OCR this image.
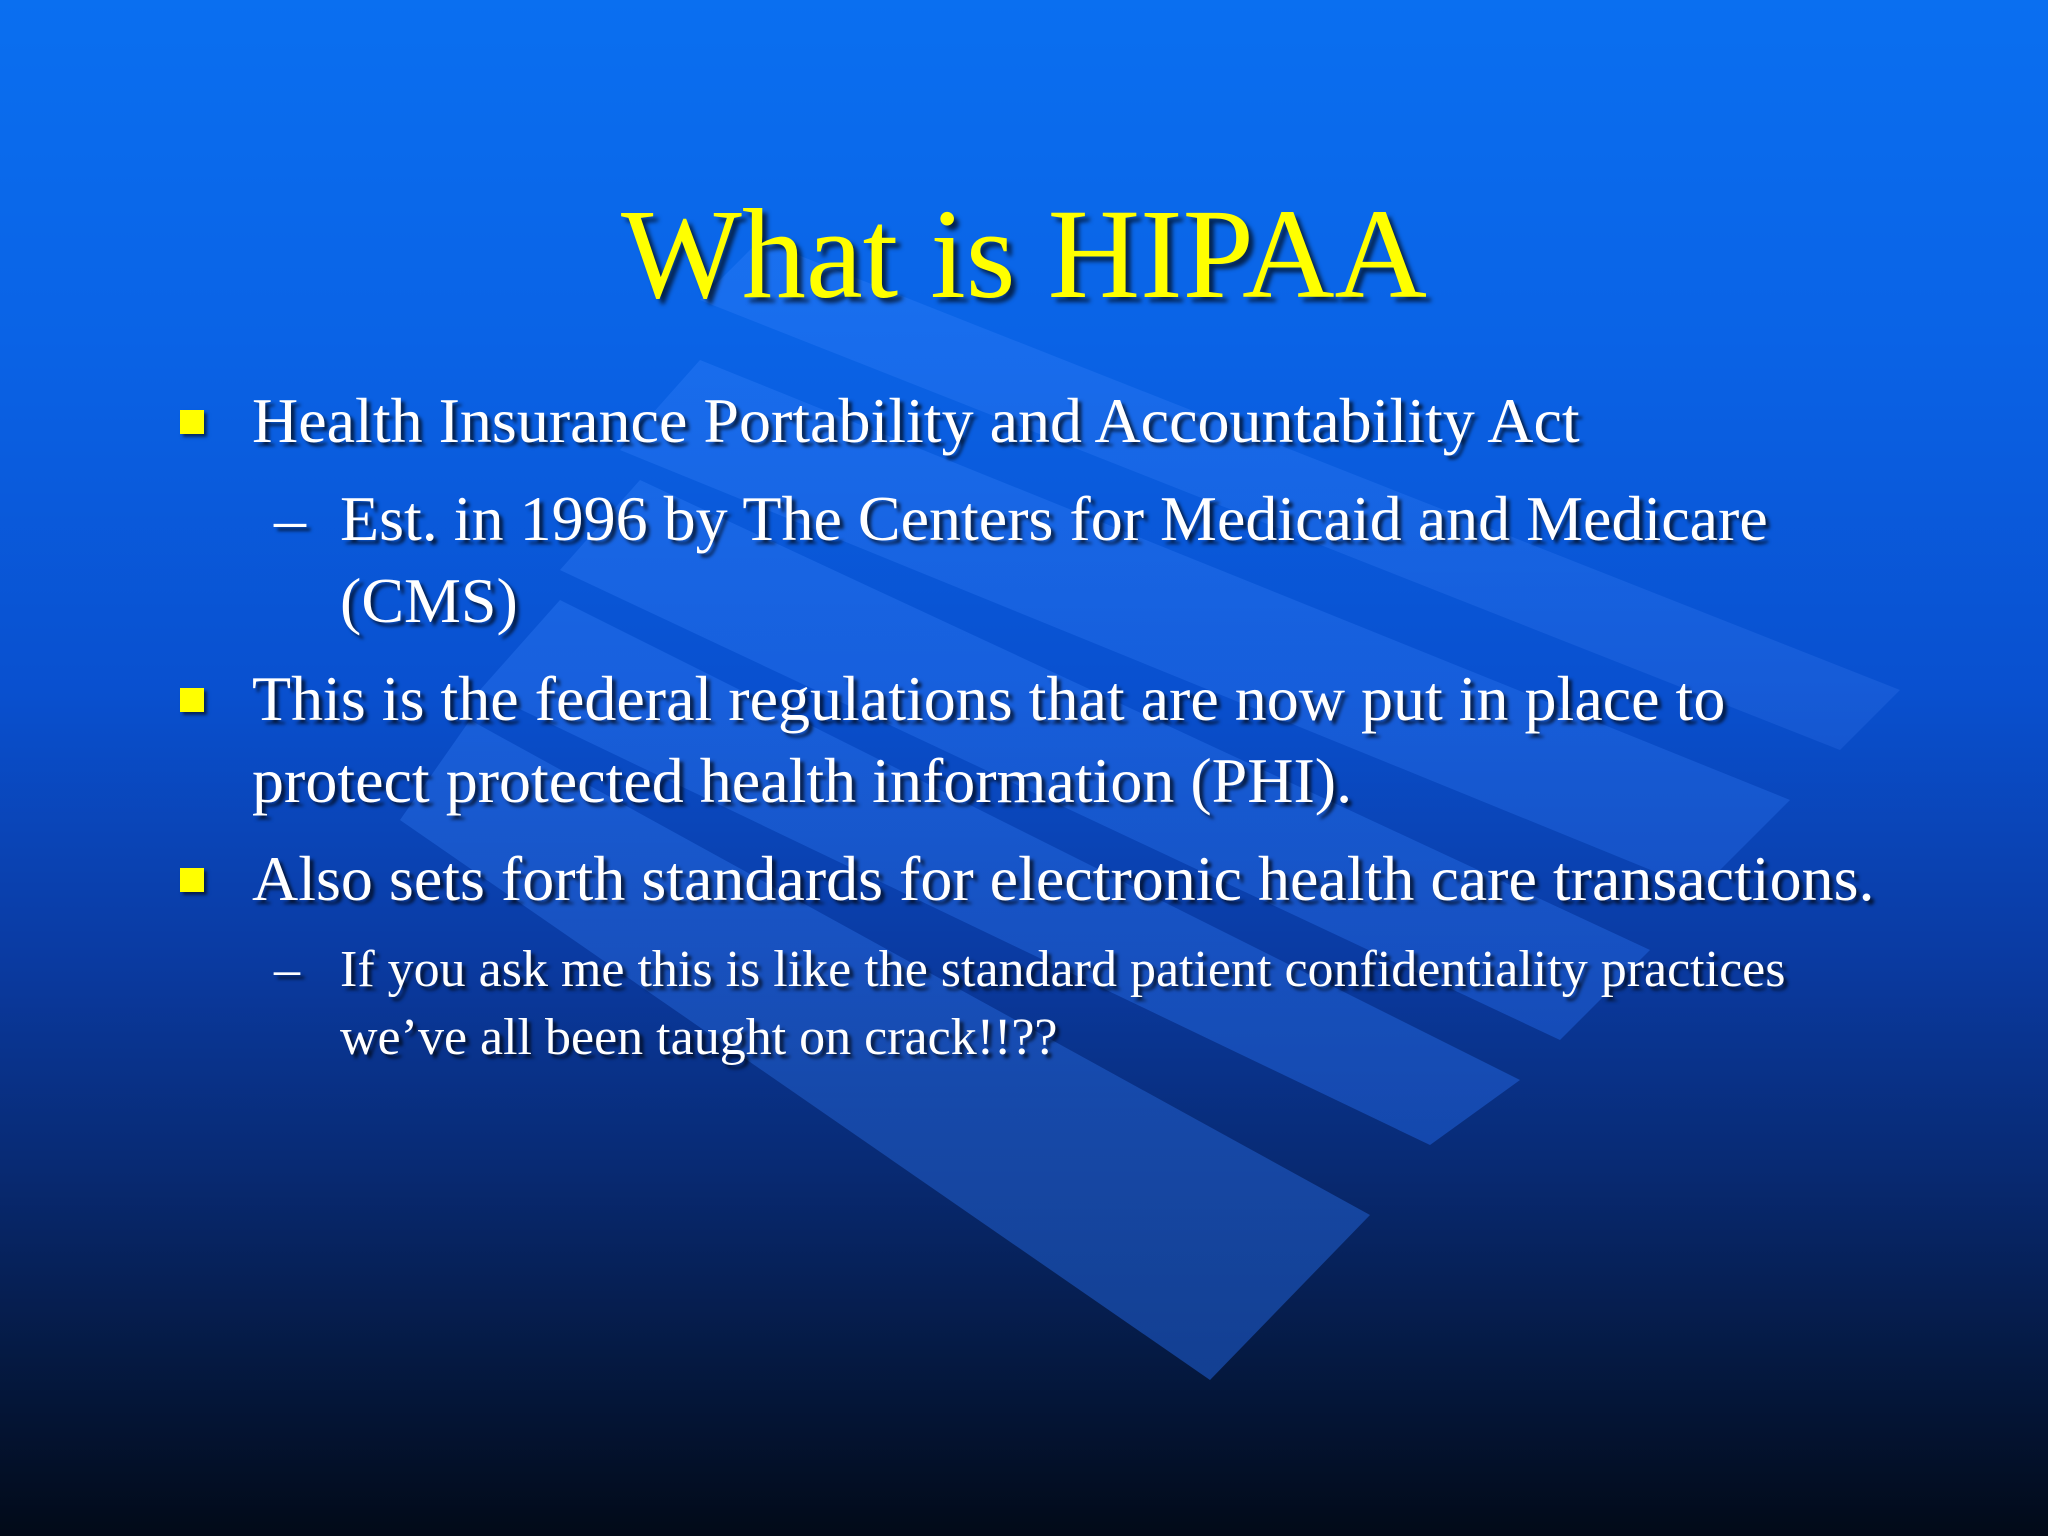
What is HIPAA
Health Insurance Portability and Accountability Act
– Est. in 1996 by The Centers for Medicaid and Medicare (CMS)
This is the federal regulations that are now put in place to protect protected health information (PHI).
Also sets forth standards for electronic health care transactions.
– If you ask me this is like the standard patient confidentiality practices we’ve all been taught on crack!!??
